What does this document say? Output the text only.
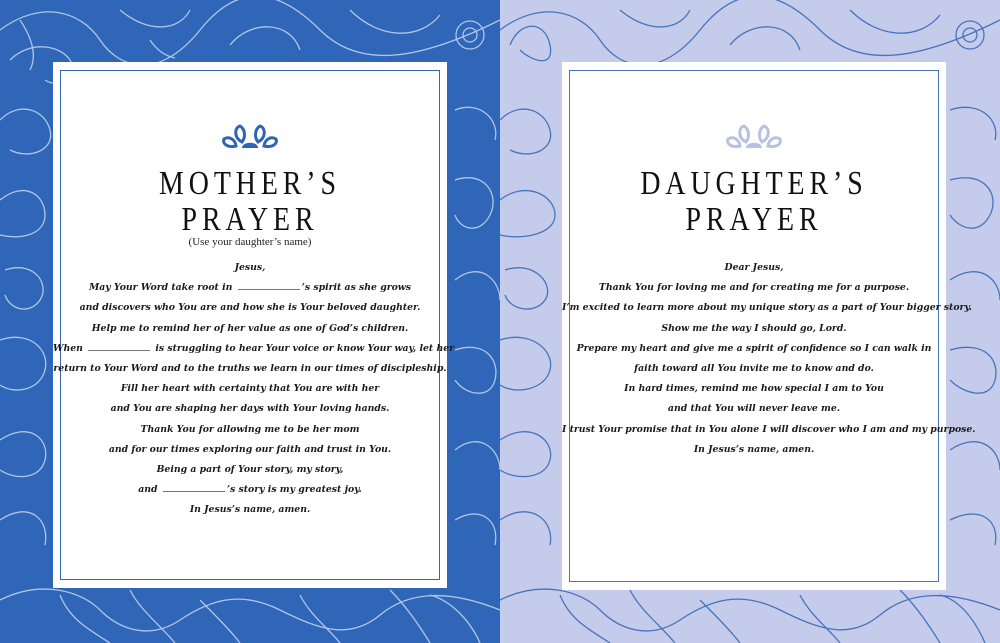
MOTHER’S
PRAYER
(Use your daughter’s name)
Jesus,
May Your Word take root in	’s spirit as she grows
and discovers who You are and how she is Your beloved daughter.
Help me to remind her of her value as one of God’s children.
When	is struggling to hear Your voice or know Your way, let her
return to Your Word and to the truths we learn in our times of discipleship.
Fill her heart with certainty that You are with her
and You are shaping her days with Your loving hands.
Thank You for allowing me to be her mom
and for our times exploring our faith and trust in You.
Being a part of Your story, my story,
and	’s story is my greatest joy.
In Jesus’s name, amen.
DAUGHTER’S
PRAYER
Dear Jesus,
Thank You for loving me and for creating me for a purpose.
I’m excited to learn more about my unique story as a part of Your bigger story.
Show me the way I should go, Lord.
Prepare my heart and give me a spirit of confidence so I can walk in
faith toward all You invite me to know and do.
In hard times, remind me how special I am to You
and that You will never leave me.
I trust Your promise that in You alone I will discover who I am and my purpose.
In Jesus’s name, amen.
